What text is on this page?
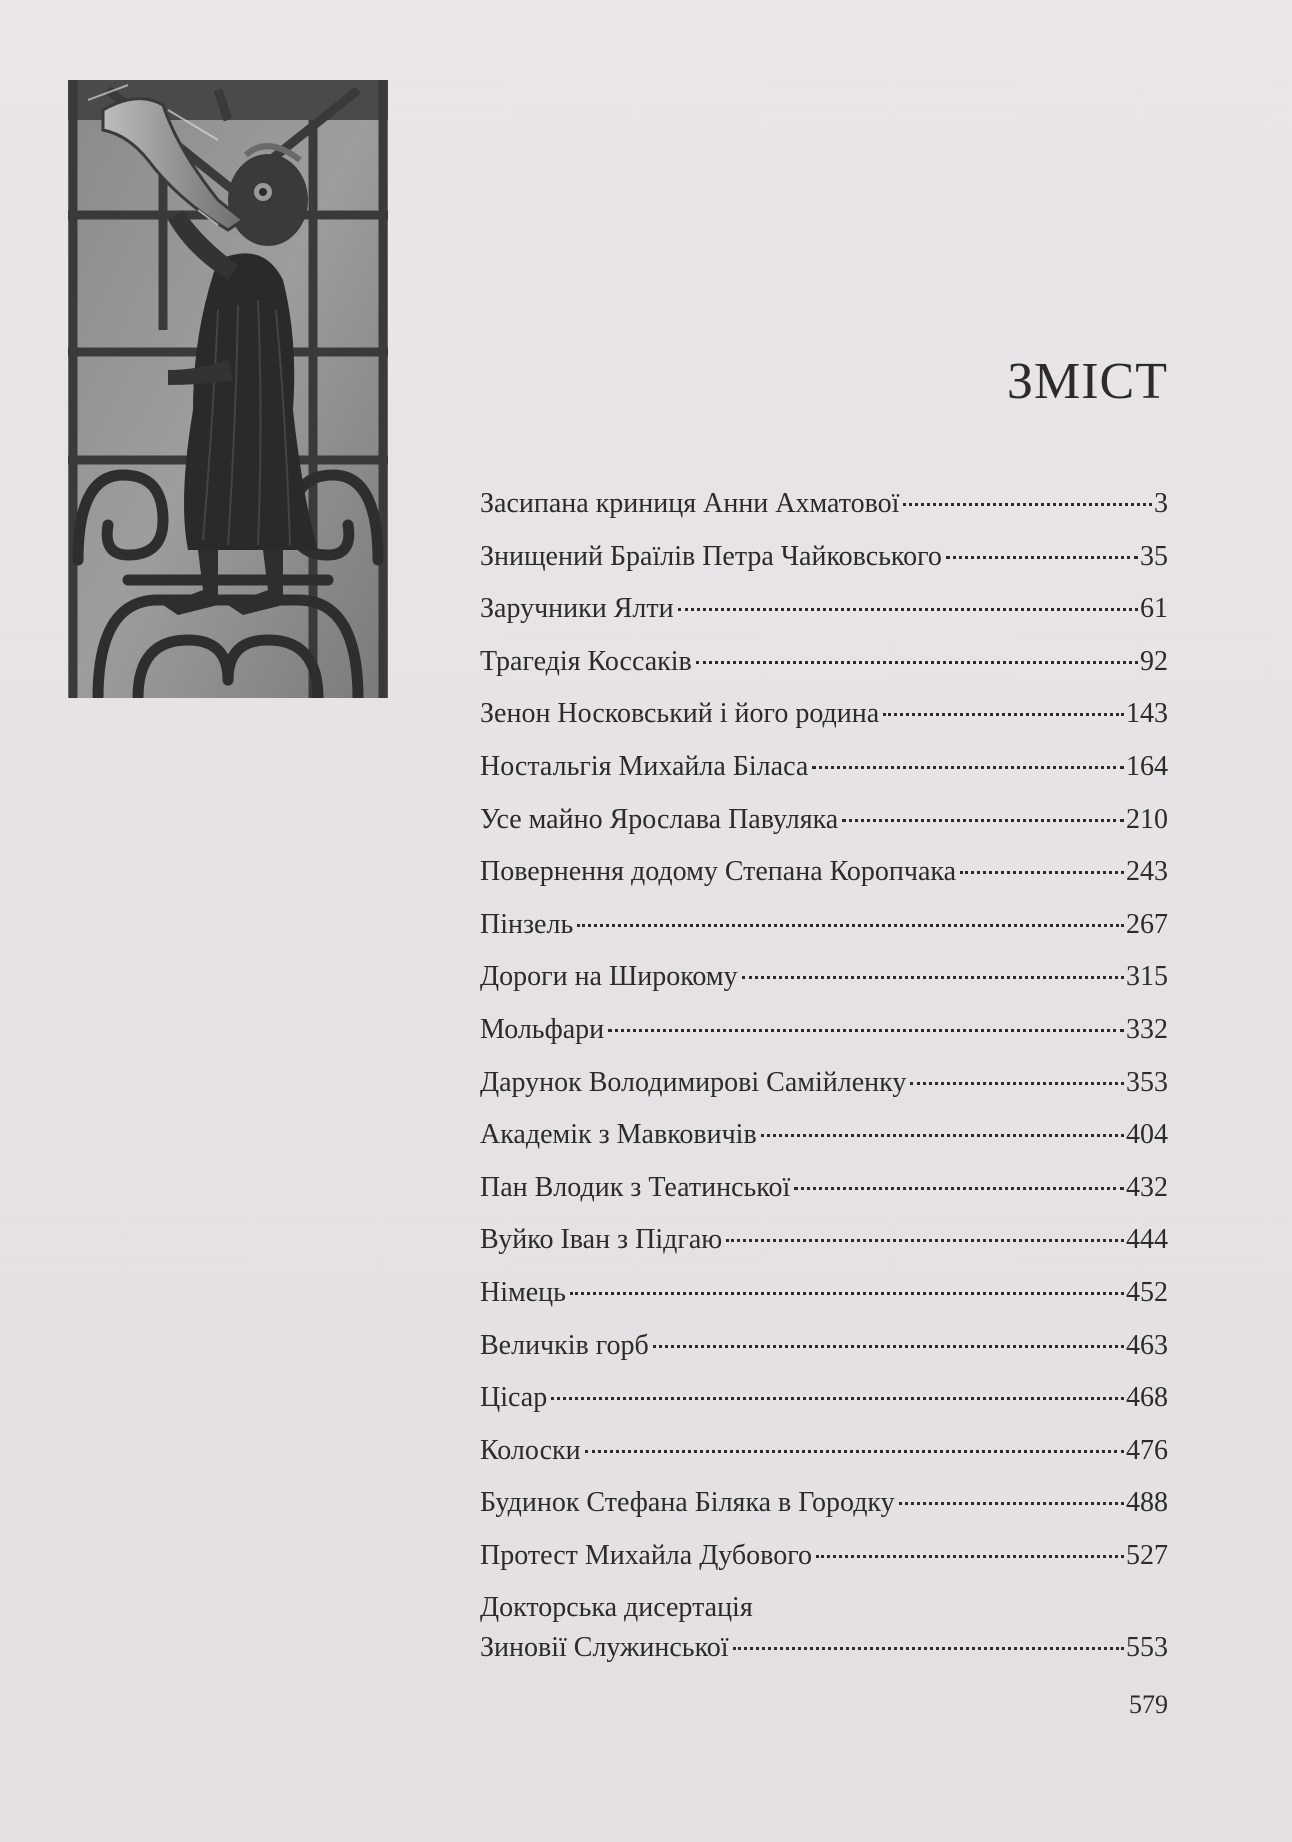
ЗМІСТ
Засипана криниця Анни Ахматової	3
Знищений Браїлів Петра Чайковського	35
Заручники Ялти	61
Трагедія Коссаків	92
Зенон Носковський і його родина	143
Ностальгія Михайла Біласа	164
Усе майно Ярослава Павуляка	210
Повернення додому Степана Коропчака	243
Пінзель	267
Дороги на Широкому	315
Мольфари	332
Дарунок Володимирові Самійленку	353
Академік з Мавковичів	404
Пан Влодик з Театинської	432
Вуйко Іван з Підгаю	444
Німець	452
Величків горб	463
Цісар	468
Колоски	476
Будинок Стефана Біляка в Городку	488
Протест Михайла Дубового	527
Докторська дисертація
Зиновії Служинської	553

579
